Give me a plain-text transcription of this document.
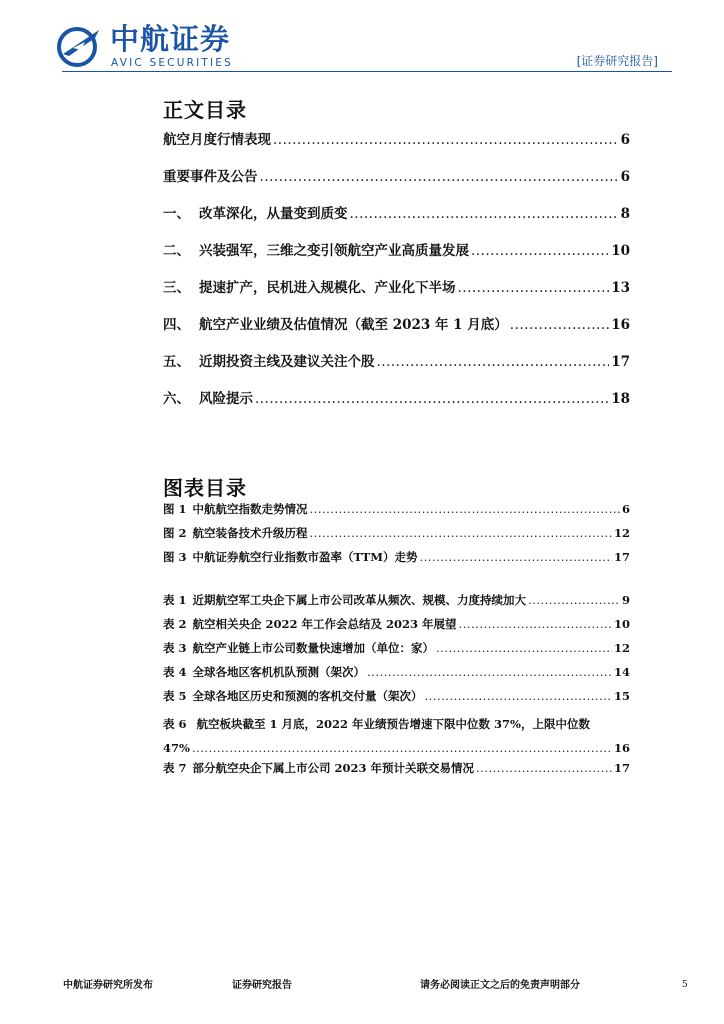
中航证券
AVIC SECURITIES	[证券研究报告]
正文目录
航空月度行情表现 .....	6
重要事件及公告 .....	6
一、 改革深化，从量变到质变 .....	8
二、 兴装强军，三维之变引领航空产业高质量发展 .....	10
三、 提速扩产，民机进入规模化、产业化下半场 .....	13
四、 航空产业业绩及估值情况（截至 2023 年 1 月底） .....	16
五、 近期投资主线及建议关注个股 .....	17
六、 风险提示 .....	18
图表目录
图 1 中航航空指数走势情况 .....	6
图 2 航空装备技术升级历程 .....	12
图 3 中航证券航空行业指数市盈率（TTM）走势 .....	17
表 1 近期航空军工央企下属上市公司改革从频次、规模、力度持续加大 .....	9
表 2 航空相关央企 2022 年工作会总结及 2023 年展望 .....	10
表 3 航空产业链上市公司数量快速增加（单位：家） .....	12
表 4 全球各地区客机机队预测（架次） .....	14
表 5 全球各地区历史和预测的客机交付量（架次） .....	15
表 6 航空板块截至 1 月底，2022 年业绩预告增速下限中位数 37%，上限中位数
47% .....	16
表 7 部分航空央企下属上市公司 2023 年预计关联交易情况 .....	17
中航证券研究所发布	证券研究报告	请务必阅读正文之后的免责声明部分	5
